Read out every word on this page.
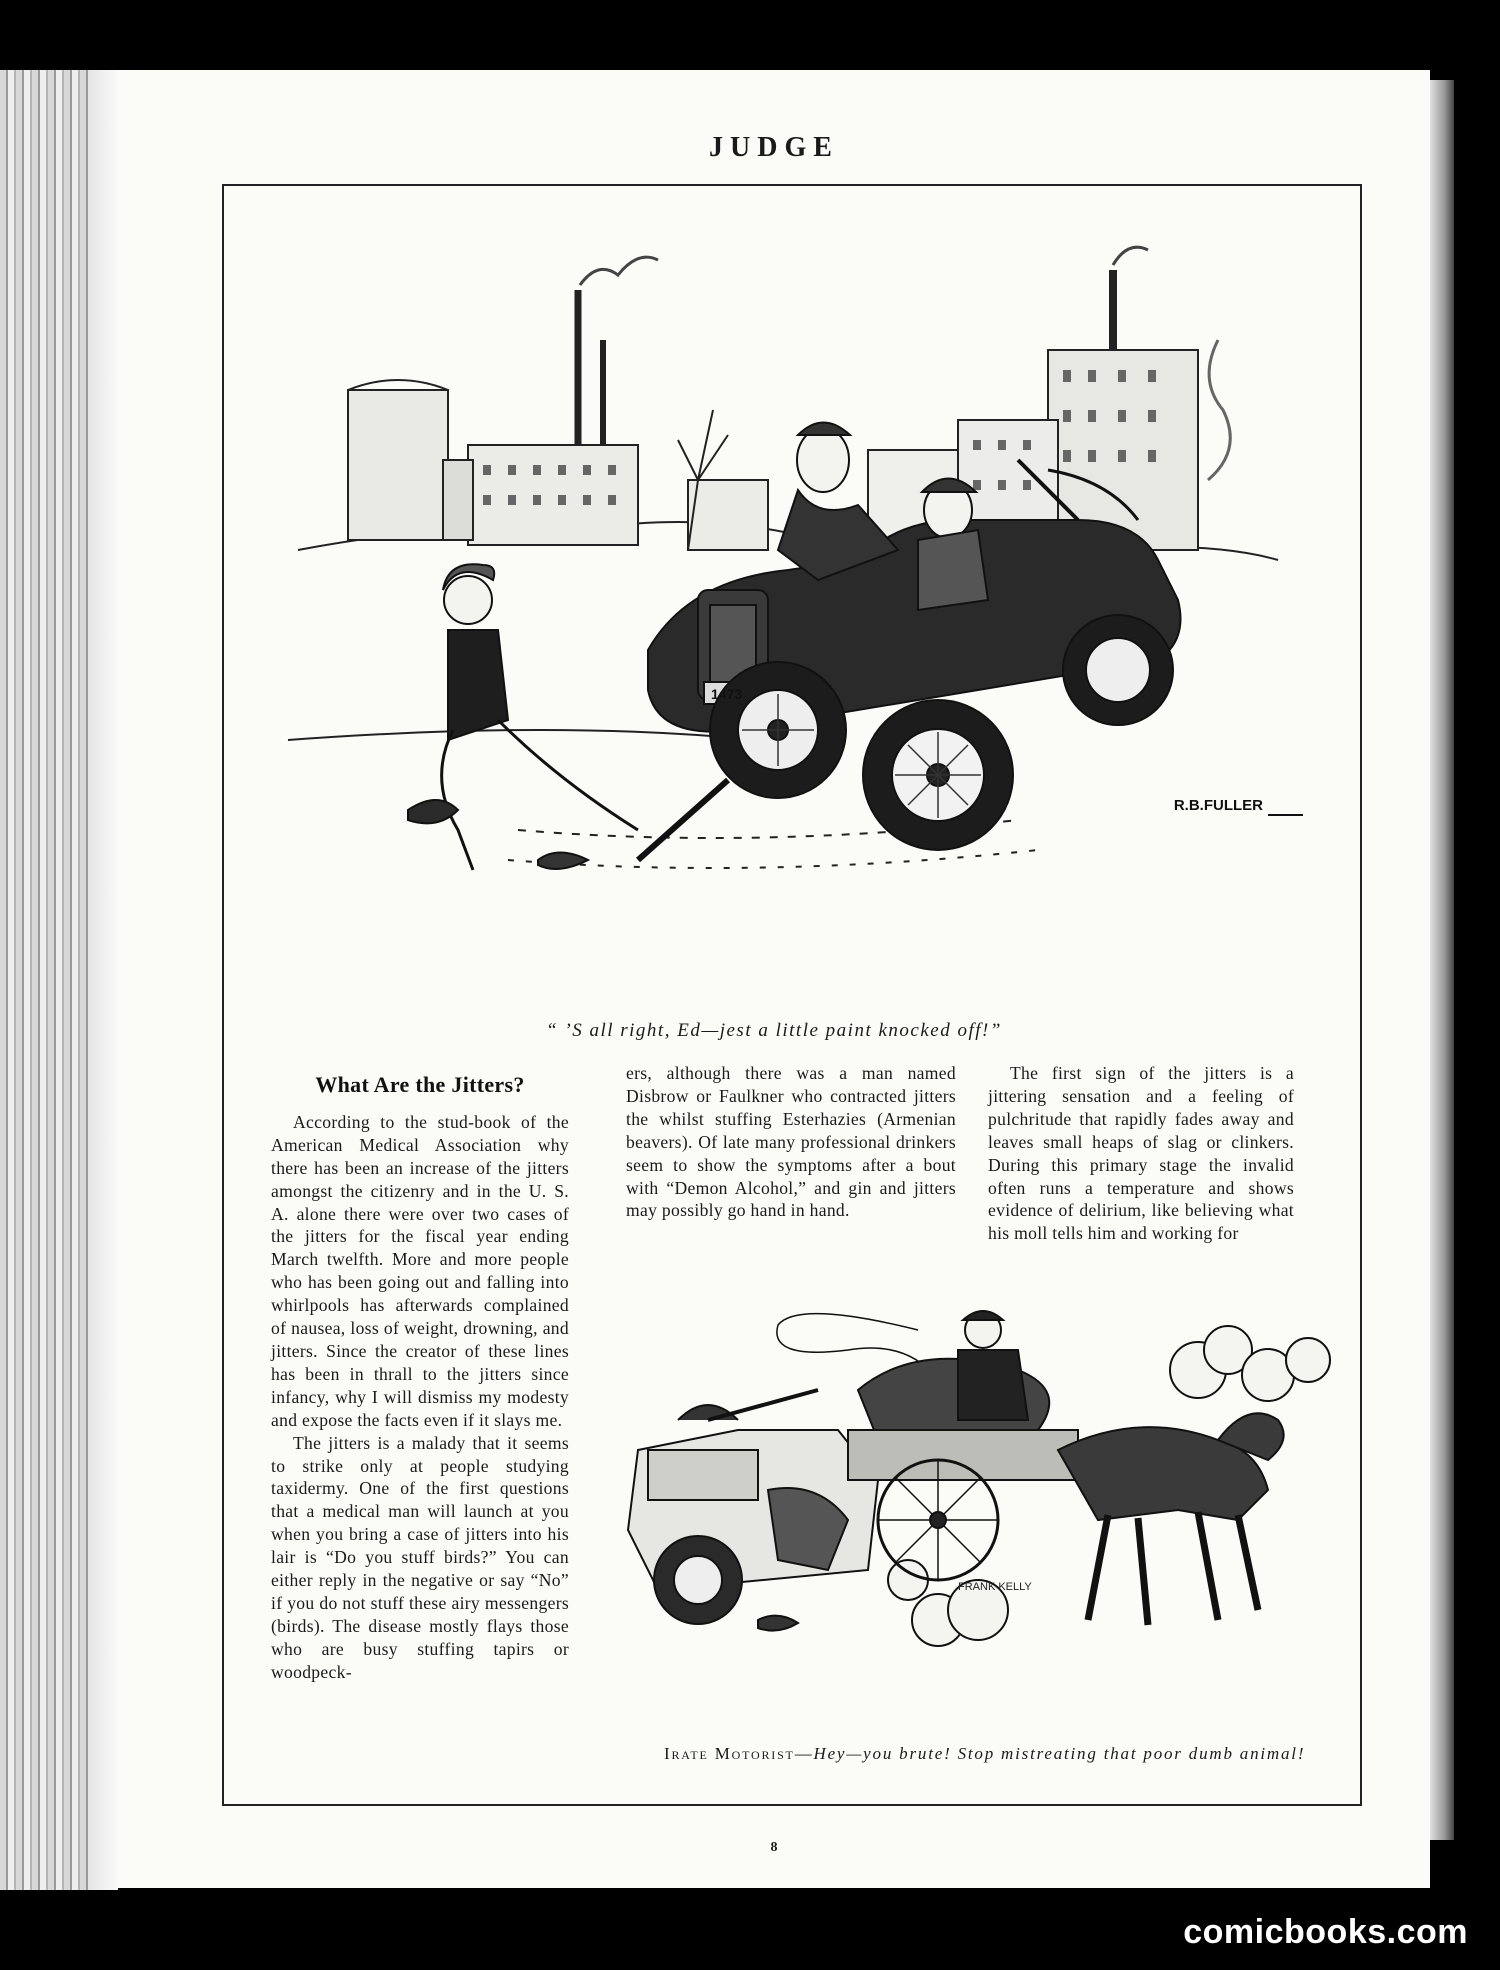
JUDGE
1473
R.B.FULLER
“ ’S all right, Ed—jest a little paint knocked off!”
What Are the Jitters?

According to the stud-book of the American Medical Association why there has been an increase of the jitters amongst the citizenry and in the U. S. A. alone there were over two cases of the jitters for the fiscal year ending March twelfth. More and more people who has been going out and falling into whirlpools has afterwards complained of nausea, loss of weight, drowning, and jitters. Since the creator of these lines has been in thrall to the jitters since infancy, why I will dismiss my modesty and expose the facts even if it slays me.

The jitters is a malady that it seems to strike only at people studying taxidermy. One of the first questions that a medical man will launch at you when you bring a case of jitters into his lair is “Do you stuff birds?” You can either reply in the negative or say “No” if you do not stuff these airy messengers (birds). The disease mostly flays those who are busy stuffing tapirs or woodpeck-

ers, although there was a man named Disbrow or Faulkner who contracted jitters the whilst stuffing Esterhazies (Armenian beavers). Of late many professional drinkers seem to show the symptoms after a bout with “Demon Alcohol,” and gin and jitters may possibly go hand in hand.

The first sign of the jitters is a jittering sensation and a feeling of pulchritude that rapidly fades away and leaves small heaps of slag or clinkers. During this primary stage the invalid often runs a temperature and shows evidence of delirium, like believing what his moll tells him and working for

FRANK KELLY
Irate Motorist—Hey—you brute! Stop mistreating that poor dumb animal!
8
comicbooks.com
